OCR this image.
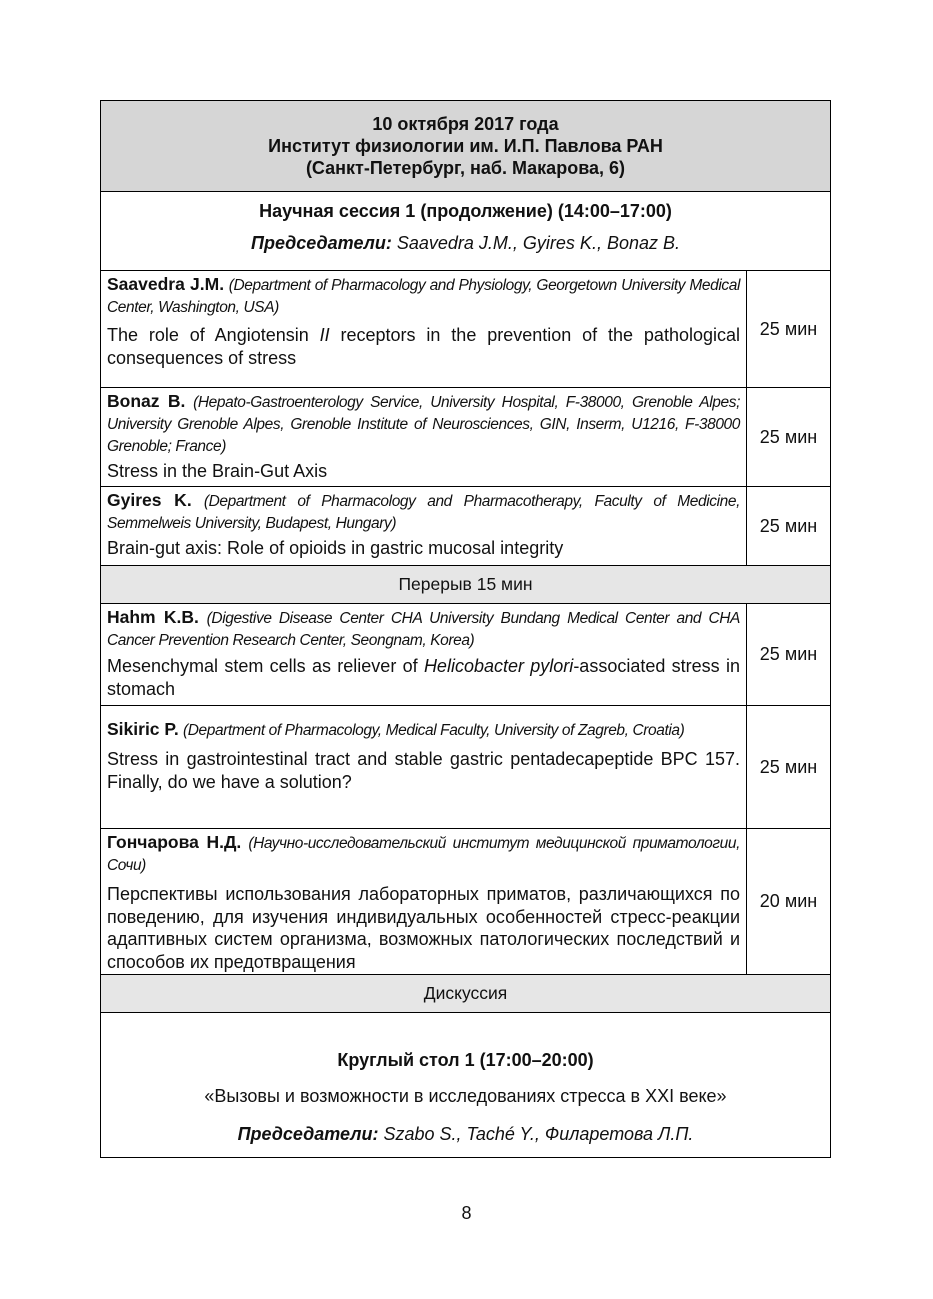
10 октября 2017 года
Институт физиологии им. И.П. Павлова РАН
(Санкт-Петербург, наб. Макарова, 6)
Научная сессия 1 (продолжение) (14:00–17:00)
Председатели: Saavedra J.M., Gyires K., Bonaz B.
Saavedra J.M. (Department of Pharmacology and Physiology, Georgetown University Medical Center, Washington, USA)
The role of Angiotensin II receptors in the prevention of the pathological consequences of stress
25 мин
Bonaz B. (Hepato-Gastroenterology Service, University Hospital, F-38000, Grenoble Alpes; University Grenoble Alpes, Grenoble Institute of Neurosciences, GIN, Inserm, U1216, F-38000 Grenoble; France)
Stress in the Brain-Gut Axis
25 мин
Gyires K. (Department of Pharmacology and Pharmacotherapy, Faculty of Medicine, Semmelweis University, Budapest, Hungary)
Brain-gut axis: Role of opioids in gastric mucosal integrity
25 мин
Перерыв 15 мин
Hahm K.B. (Digestive Disease Center CHA University Bundang Medical Center and CHA Cancer Prevention Research Center, Seongnam, Korea)
Mesenchymal stem cells as reliever of Helicobacter pylori-associated stress in stomach
25 мин
Sikiric P. (Department of Pharmacology, Medical Faculty, University of Zagreb, Croatia)
Stress in gastrointestinal tract and stable gastric pentadecapeptide BPC 157. Finally, do we have a solution?
25 мин
Гончарова Н.Д. (Научно-исследовательский институт медицинской приматологии, Сочи)
Перспективы использования лабораторных приматов, различающихся по поведению, для изучения индивидуальных особенностей стресс-реакции адаптивных систем организма, возможных патологических последствий и способов их предотвращения
20 мин
Дискуссия
Круглый стол 1 (17:00–20:00)
«Вызовы и возможности в исследованиях стресса в XXI веке»
Председатели: Szabo S., Taché Y., Филаретова Л.П.
8
